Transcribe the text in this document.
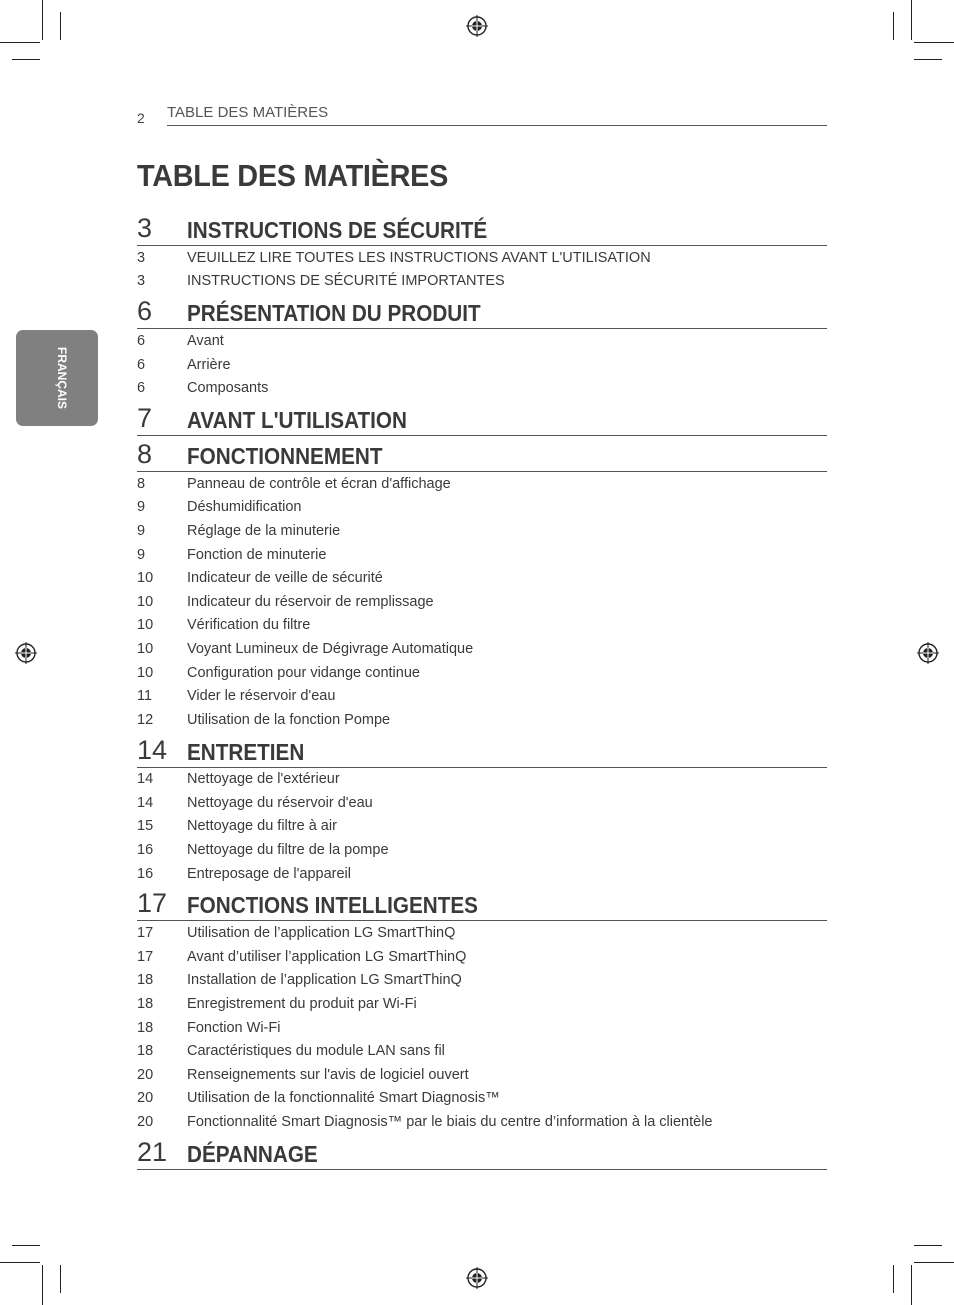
2 TABLE DES MATIÈRES
TABLE DES MATIÈRES
FRANÇAIS
3	INSTRUCTIONS DE SÉCURITÉ
3	VEUILLEZ LIRE TOUTES LES INSTRUCTIONS AVANT L'UTILISATION
3	INSTRUCTIONS DE SÉCURITÉ IMPORTANTES
6	PRÉSENTATION DU PRODUIT
6	Avant
6	Arrière
6	Composants
7	AVANT L'UTILISATION
8	FONCTIONNEMENT
8	Panneau de contrôle et écran d'affichage
9	Déshumidification
9	Réglage de la minuterie
9	Fonction de minuterie
10	Indicateur de veille de sécurité
10	Indicateur du réservoir de remplissage
10	Vérification du filtre
10	Voyant Lumineux de Dégivrage Automatique
10	Configuration pour vidange continue
11	Vider le réservoir d'eau
12	Utilisation de la fonction Pompe
14 ENTRETIEN
14	Nettoyage de l'extérieur
14	Nettoyage du réservoir d'eau
15	Nettoyage du filtre à air
16	Nettoyage du filtre de la pompe
16	Entreposage de l'appareil
17 FONCTIONS INTELLIGENTES
17	Utilisation de l’application LG SmartThinQ
17	Avant d’utiliser l’application LG SmartThinQ
18	Installation de l’application LG SmartThinQ
18	Enregistrement du produit par Wi-Fi
18	Fonction Wi-Fi
18	Caractéristiques du module LAN sans fil
20	Renseignements sur l'avis de logiciel ouvert
20	Utilisation de la fonctionnalité Smart Diagnosis™
20	Fonctionnalité Smart Diagnosis™ par le biais du centre d’information à la clientèle
21 DÉPANNAGE
